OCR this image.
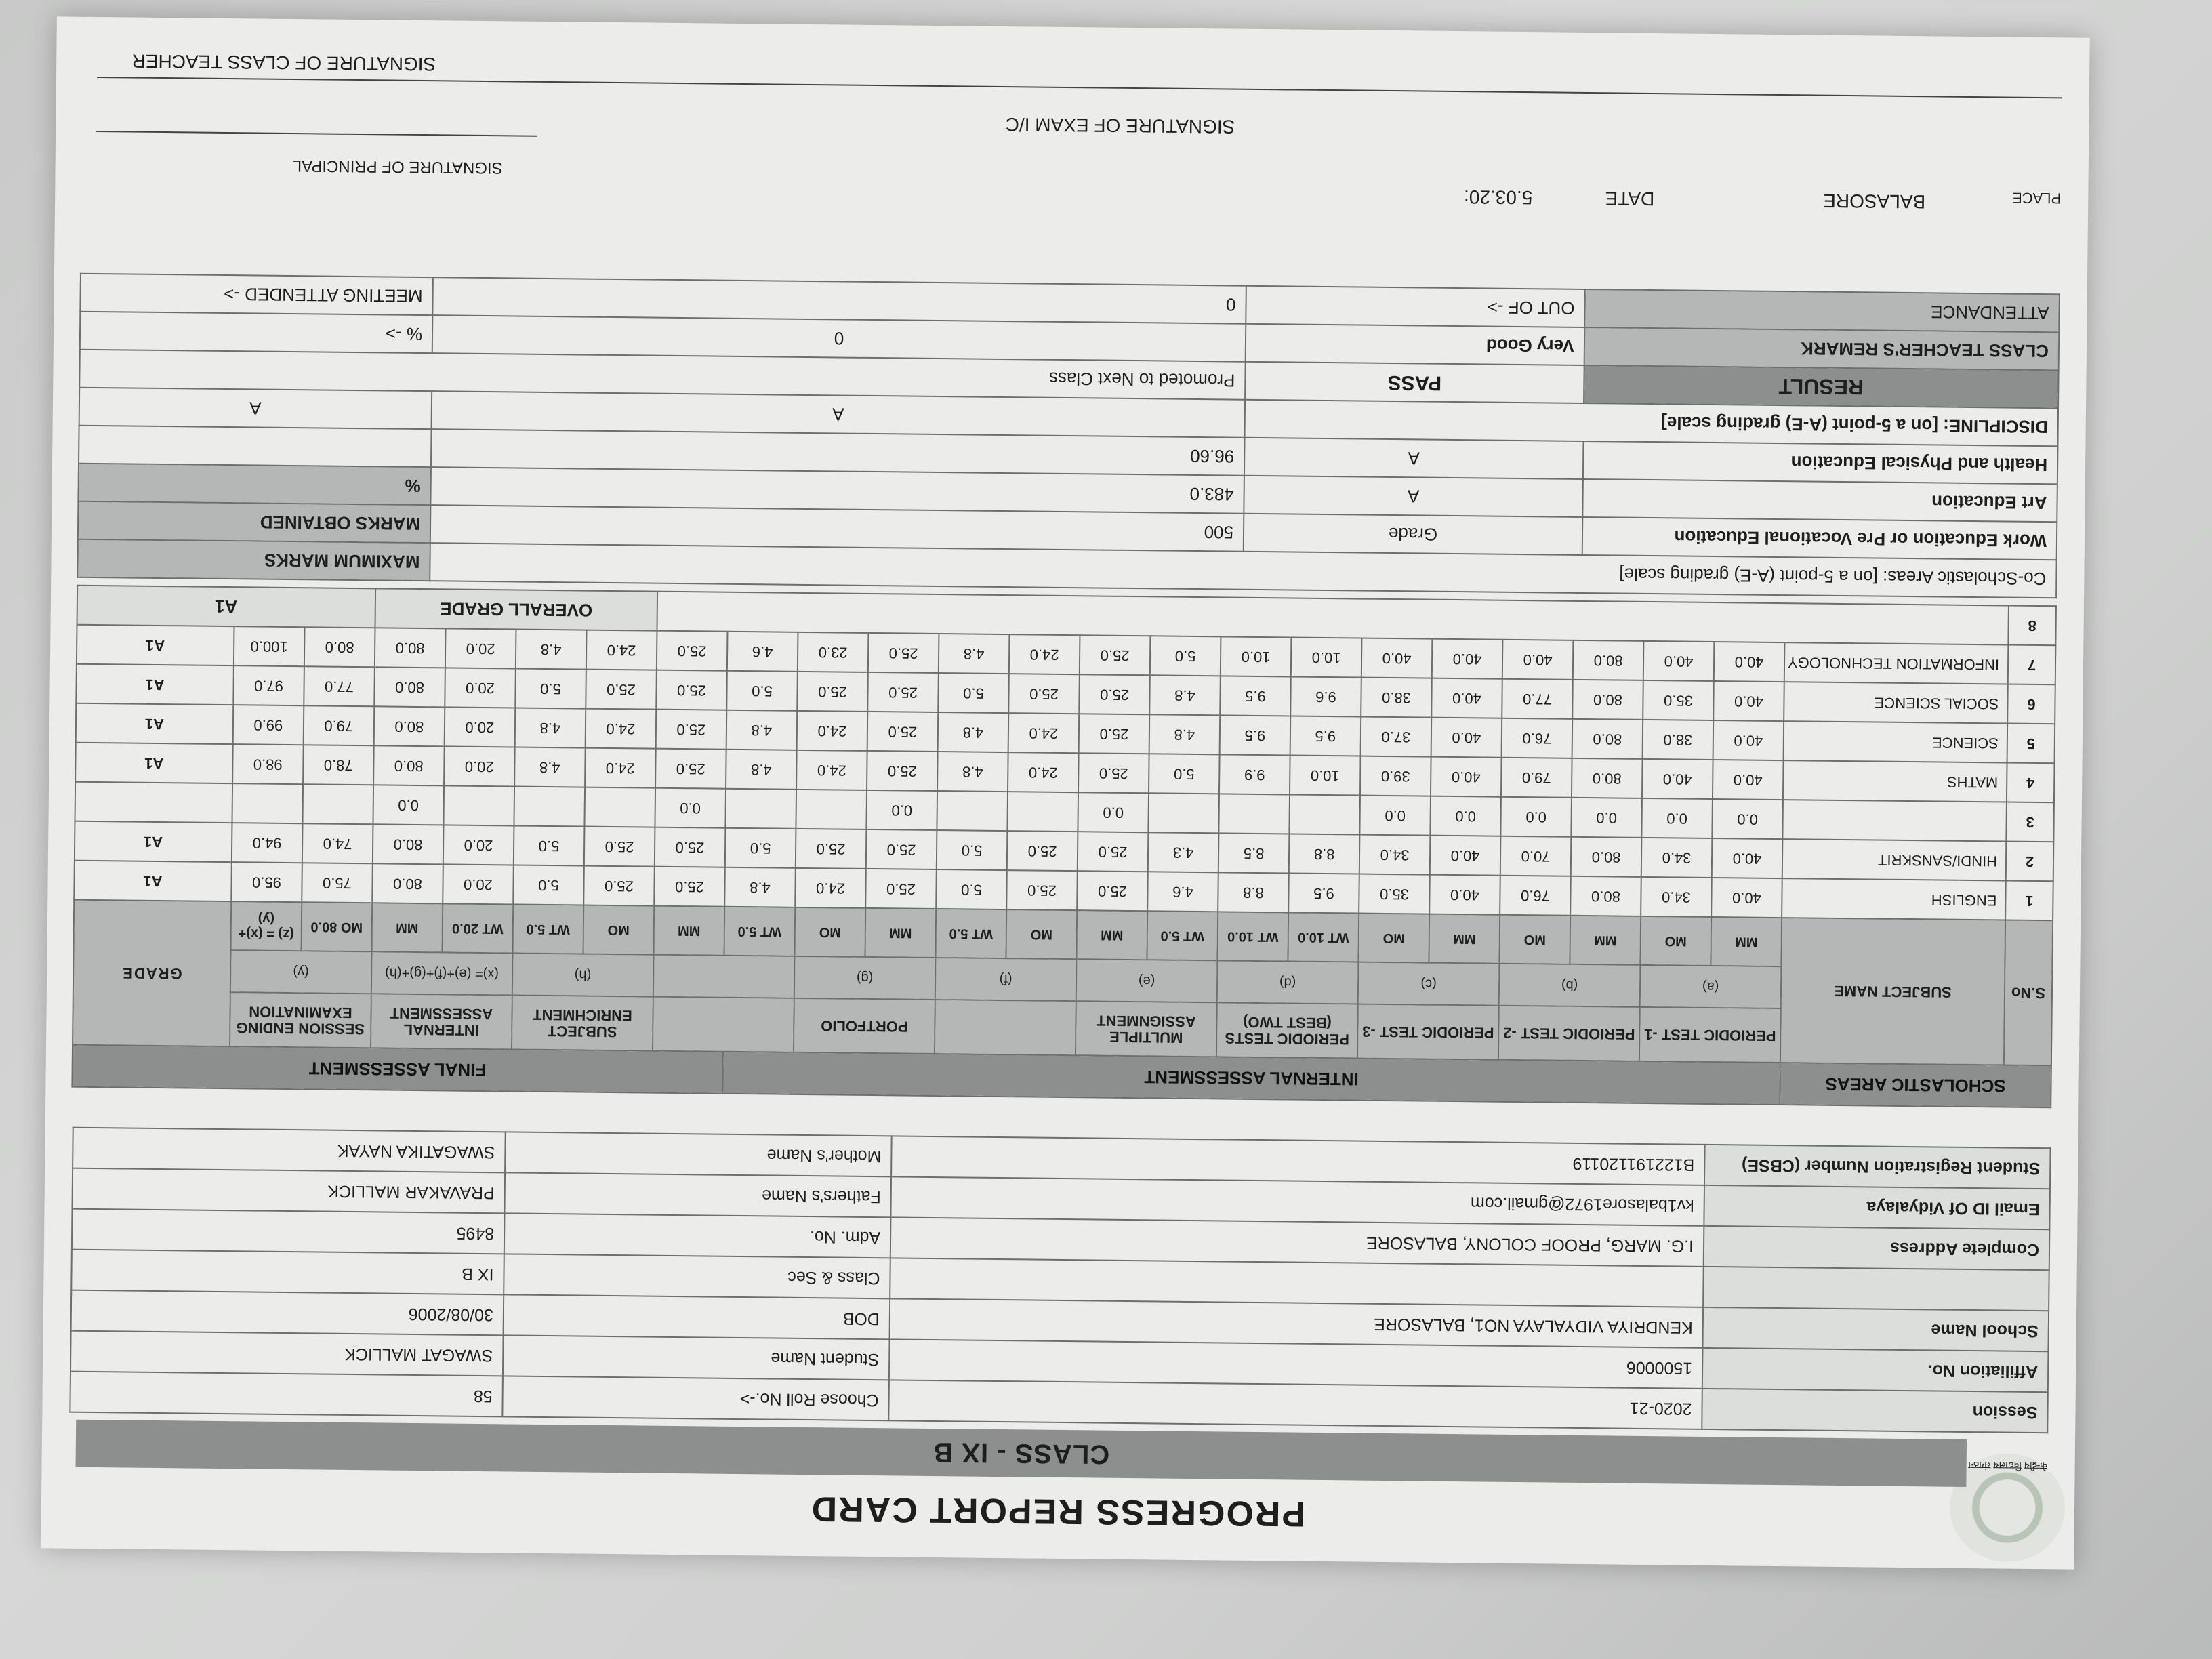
केन्द्रीय विद्यालय संगठन
PROGRESS REPORT CARD
CLASS - IX B
Session	2020-21	Choose Roll No.->	58
Affiliation No.	1500006	Student Name	SWAGAT MALLICK
School Name	KENDRIYA VIDYALAYA NO1, BALASORE	DOB	30/08/2006
		Class & Sec	IX B
Complete Address	I.G. MARG, PROOF COLONY, BALASORE	Adm. No.	8495
Email ID Of Vidyalaya	kv1balasore1972@gmail.com	Fathers's Name	PRAVAKAR MALLICK
Student Registration Number (CBSE)	B122191120119	Mother's Name	SWAGATIKA NAYAK
SCHOLASTIC AREAS		INTERNAL ASSESSMENT															FINAL ASSESSMENT							
S.No	SUBJECT NAME	PERIODIC TEST -1		PERIODIC TEST -2		PERIODIC TEST -3		PERIODIC TESTS (BEST TWO)		MULTIPLE ASSIGNMENT				PORTFOLIO				SUBJECT ENRICHMENT		INTERNAL ASSESSMENT		SESSION ENDING EXAMINATION		GRADE
		(a)		(b)		(c)		(d)		(e)		(f)		(g)				(h)		(x)= (e)+(f)+(g)+(h)		(y)		
		MM	MO	MM	MO	MM	MO	WT 10.0	WT 10.0	WT 5.0	MM	MO	WT 5.0	MM	MO	WT 5.0	MM	MO	WT 5.0	WT 20.0	MM	MO 80.0	(z) = (x)+(y)	
1	ENGLISH	40.0	34.0	80.0	76.0	40.0	35.0	9.5	8.8	4.6	25.0	25.0	5.0	25.0	24.0	4.8	25.0	25.0	5.0	20.0	80.0	75.0	95.0	A1
2	HINDI/SANSKRIT	40.0	34.0	80.0	70.0	40.0	34.0	8.8	8.5	4.3	25.0	25.0	5.0	25.0	25.0	5.0	25.0	25.0	5.0	20.0	80.0	74.0	94.0	A1
3		0.0	0.0	0.0	0.0	0.0	0.0				0.0			0.0			0.0				0.0			
4	MATHS	40.0	40.0	80.0	79.0	40.0	39.0	10.0	9.9	5.0	25.0	24.0	4.8	25.0	24.0	4.8	25.0	24.0	4.8	20.0	80.0	78.0	98.0	A1
5	SCIENCE	40.0	38.0	80.0	76.0	40.0	37.0	9.5	9.5	4.8	25.0	24.0	4.8	25.0	24.0	4.8	25.0	24.0	4.8	20.0	80.0	79.0	99.0	A1
6	SOCIAL SCIENCE	40.0	35.0	80.0	77.0	40.0	38.0	9.6	9.5	4.8	25.0	25.0	5.0	25.0	25.0	5.0	25.0	25.0	5.0	20.0	80.0	77.0	97.0	A1
7	INFORMATION TECHNOLOGY	40.0	40.0	80.0	40.0	40.0	40.0	10.0	10.0	5.0	25.0	24.0	4.8	25.0	23.0	4.6	25.0	24.0	4.8	20.0	80.0	80.0	100.0	A1
8																		OVERALL GRADE				A1		
Co-Scholastic Areas: [on a 5-point (A-E) grading scale]			MAXIMUM MARKS
Work Education or Pre Vocational Education	Grade	500	MARKS OBTAINED
Art Education	A	483.0	%
Health and Physical Education	A	96.60	
DISCIPLINE: [on a 5-point (A-E) grading scale]		A	A
RESULT	PASS	Promoted to Next Class	
CLASS TEACHER'S REMARK	Very Good	0	% ->
ATTENDANCE	OUT OF ->	0	MEETING ATTENDED ->
PLACE
BALASORE
DATE
5.03.20:
SIGNATURE OF PRINCIPAL
SIGNATURE OF EXAM I/C
SIGNATURE OF CLASS TEACHER
